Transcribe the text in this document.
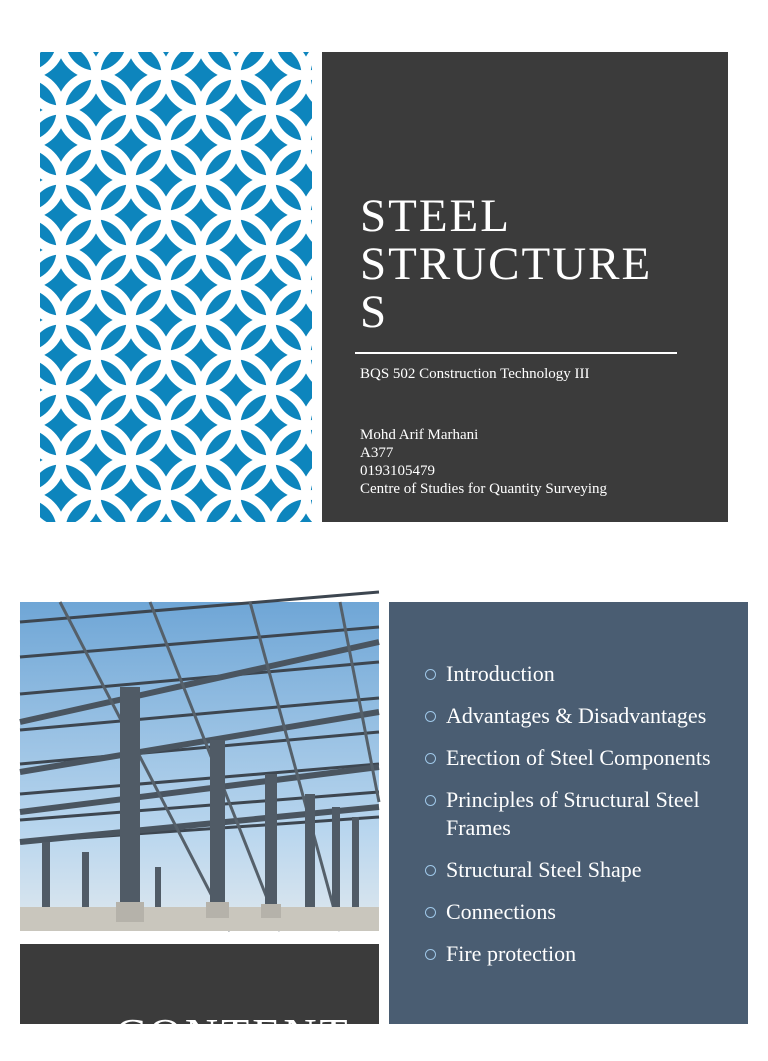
STEEL
STRUCTURE
S
BQS 502 Construction Technology III
Mohd Arif Marhani
A377
0193105479
Centre of Studies for Quantity Surveying
CONTENT
Introduction
Advantages & Disadvantages
Erection of Steel Components
Principles of Structural Steel Frames
Structural Steel Shape
Connections
Fire protection
